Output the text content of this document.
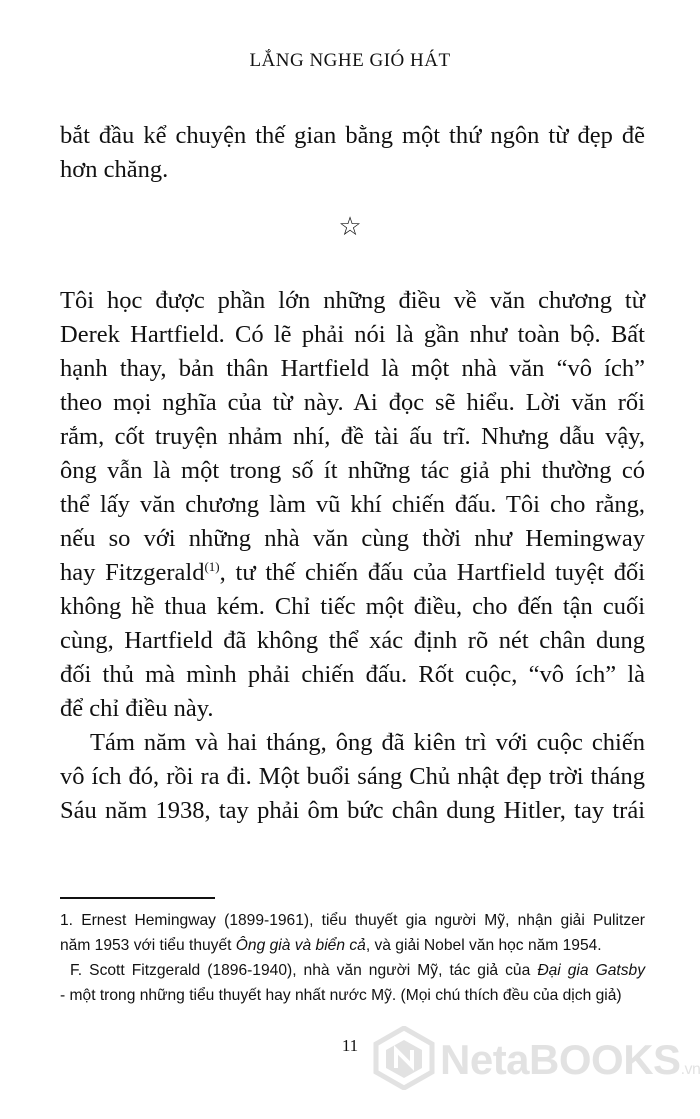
LẮNG NGHE GIÓ HÁT
bắt đầu kể chuyện thế gian bằng một thứ ngôn từ đẹp đẽ
hơn chăng.
☆
Tôi học được phần lớn những điều về văn chương từ
Derek Hartfield. Có lẽ phải nói là gần như toàn bộ. Bất
hạnh thay, bản thân Hartfield là một nhà văn “vô ích”
theo mọi nghĩa của từ này. Ai đọc sẽ hiểu. Lời văn rối
rắm, cốt truyện nhảm nhí, đề tài ấu trĩ. Nhưng dẫu vậy,
ông vẫn là một trong số ít những tác giả phi thường có
thể lấy văn chương làm vũ khí chiến đấu. Tôi cho rằng,
nếu so với những nhà văn cùng thời như Hemingway
hay Fitzgerald$^{(1)}$, tư thế chiến đấu của Hartfield tuyệt đối
không hề thua kém. Chỉ tiếc một điều, cho đến tận cuối
cùng, Hartfield đã không thể xác định rõ nét chân dung
đối thủ mà mình phải chiến đấu. Rốt cuộc, “vô ích” là
để chỉ điều này.
Tám năm và hai tháng, ông đã kiên trì với cuộc chiến
vô ích đó, rồi ra đi. Một buổi sáng Chủ nhật đẹp trời tháng
Sáu năm 1938, tay phải ôm bức chân dung Hitler, tay trái
1. Ernest Hemingway (1899-1961), tiểu thuyết gia người Mỹ, nhận giải Pulitzer
năm 1953 với tiểu thuyết Ông già và biển cả, và giải Nobel văn học năm 1954.
F. Scott Fitzgerald (1896-1940), nhà văn người Mỹ, tác giả của Đại gia Gatsby
- một trong những tiểu thuyết hay nhất nước Mỹ. (Mọi chú thích đều của dịch giả)
11	NetaBOOKS.vn
